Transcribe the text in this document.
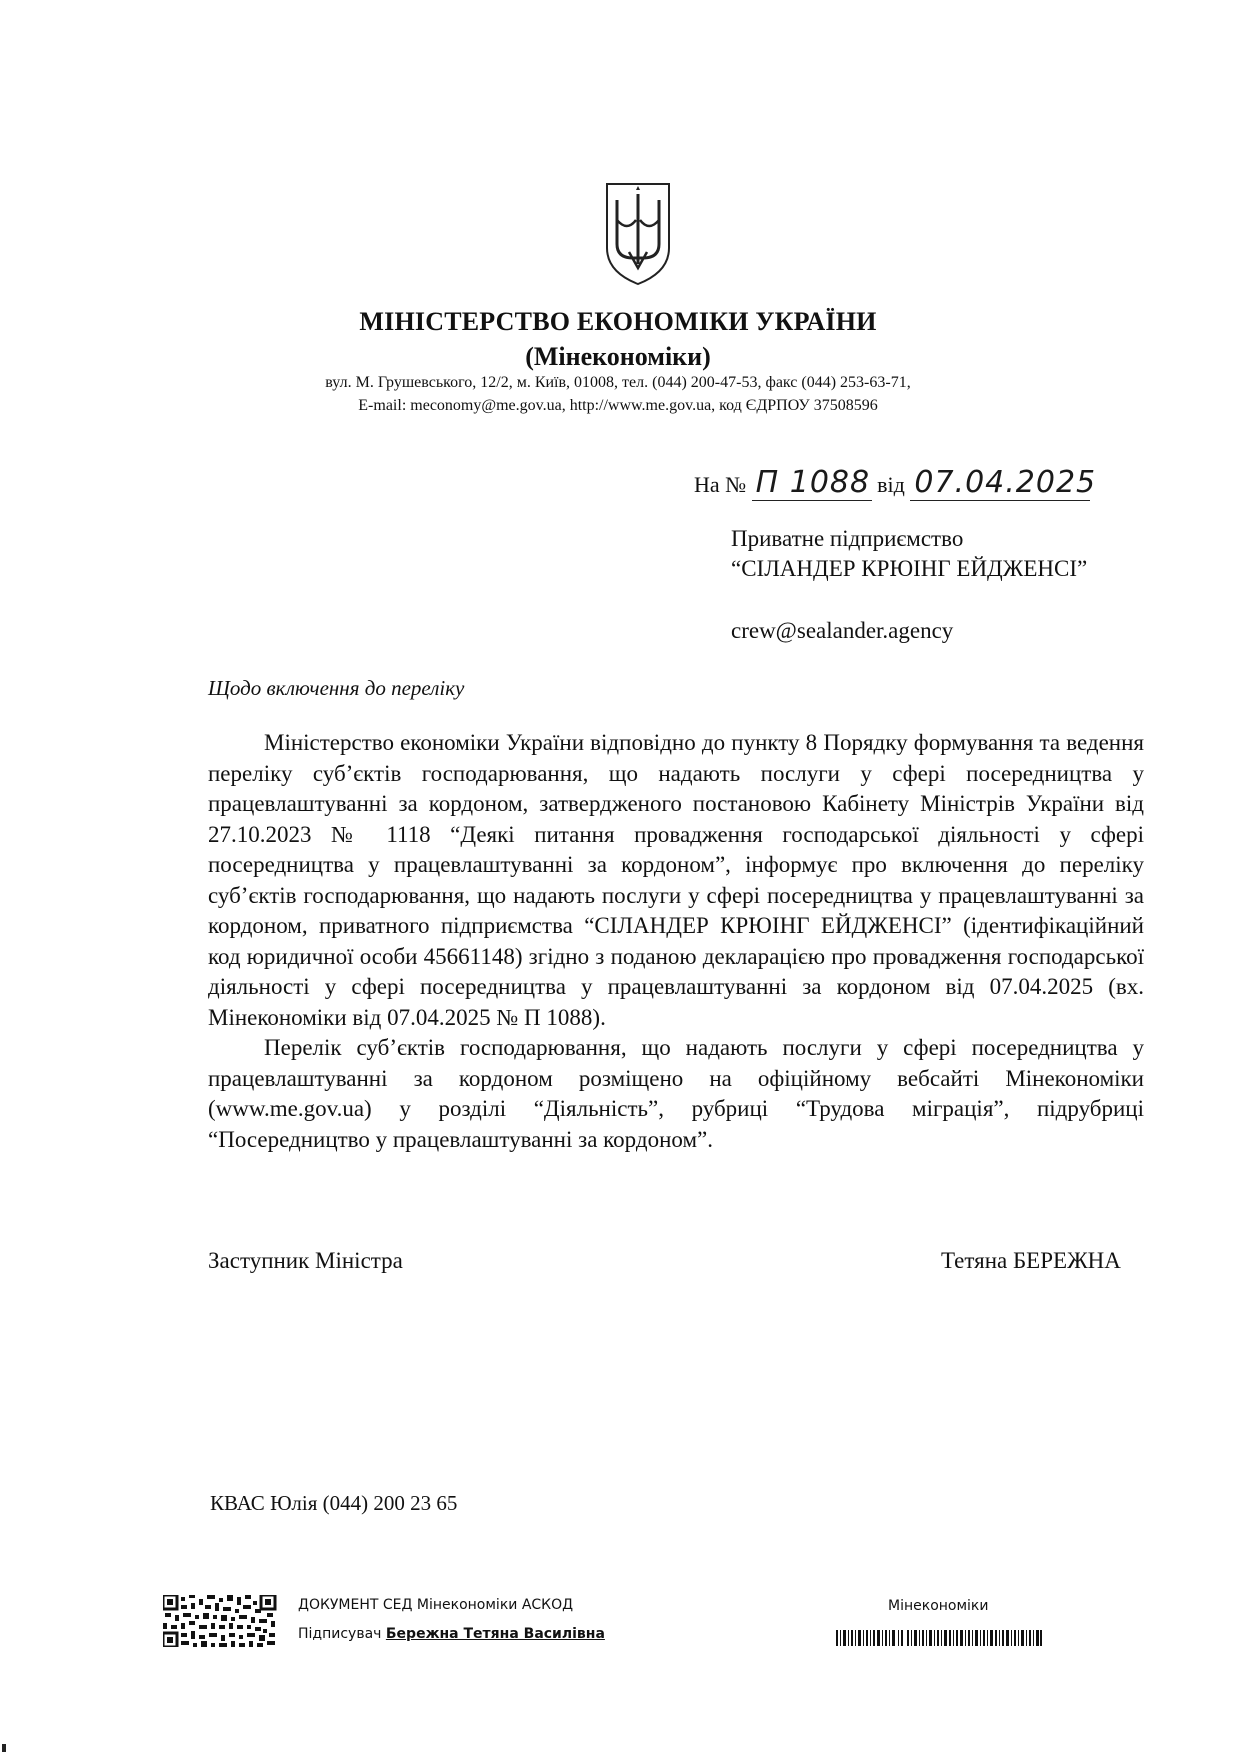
МІНІСТЕРСТВО ЕКОНОМІКИ УКРАЇНИ
(Мінекономіки)
вул. М. Грушевського, 12/2, м. Київ, 01008, тел. (044) 200-47-53, факс (044) 253-63-71,
E-mail: meconomy@me.gov.ua, http://www.me.gov.ua, код ЄДРПОУ 37508596
На № П 1088 від 07.04.2025
Приватне підприємство
“СІЛАНДЕР КРЮІНГ ЕЙДЖЕНСІ”
crew@sealander.agency
Щодо включення до переліку

Міністерство економіки України відповідно до пункту 8 Порядку формування та ведення переліку суб’єктів господарювання, що надають послуги у сфері посередництва у працевлаштуванні за кордоном, затвердженого постановою Кабінету Міністрів України від 27.10.2023 № 1118 “Деякі питання провадження господарської діяльності у сфері посередництва у працевлаштуванні за кордоном”, інформує про включення до переліку суб’єктів господарювання, що надають послуги у сфері посередництва у працевлаштуванні за кордоном, приватного підприємства “СІЛАНДЕР КРЮІНГ ЕЙДЖЕНСІ” (ідентифікаційний код юридичної особи 45661148) згідно з поданою декларацією про провадження господарської діяльності у сфері посередництва у працевлаштуванні за кордоном від 07.04.2025 (вх. Мінекономіки від 07.04.2025 № П 1088).

Перелік суб’єктів господарювання, що надають послуги у сфері посередництва у працевлаштуванні за кордоном розміщено на офіційному вебсайті Мінекономіки (www.me.gov.ua) у розділі “Діяльність”, рубриці “Трудова міграція”, підрубриці “Посередництво у працевлаштуванні за кордоном”.

Заступник Міністра	Тетяна БЕРЕЖНА
КВАС Юлія (044) 200 23 65
ДОКУМЕНТ СЕД Мінекономіки АСКОД
Підписувач Бережна Тетяна Василівна
Мінекономіки
